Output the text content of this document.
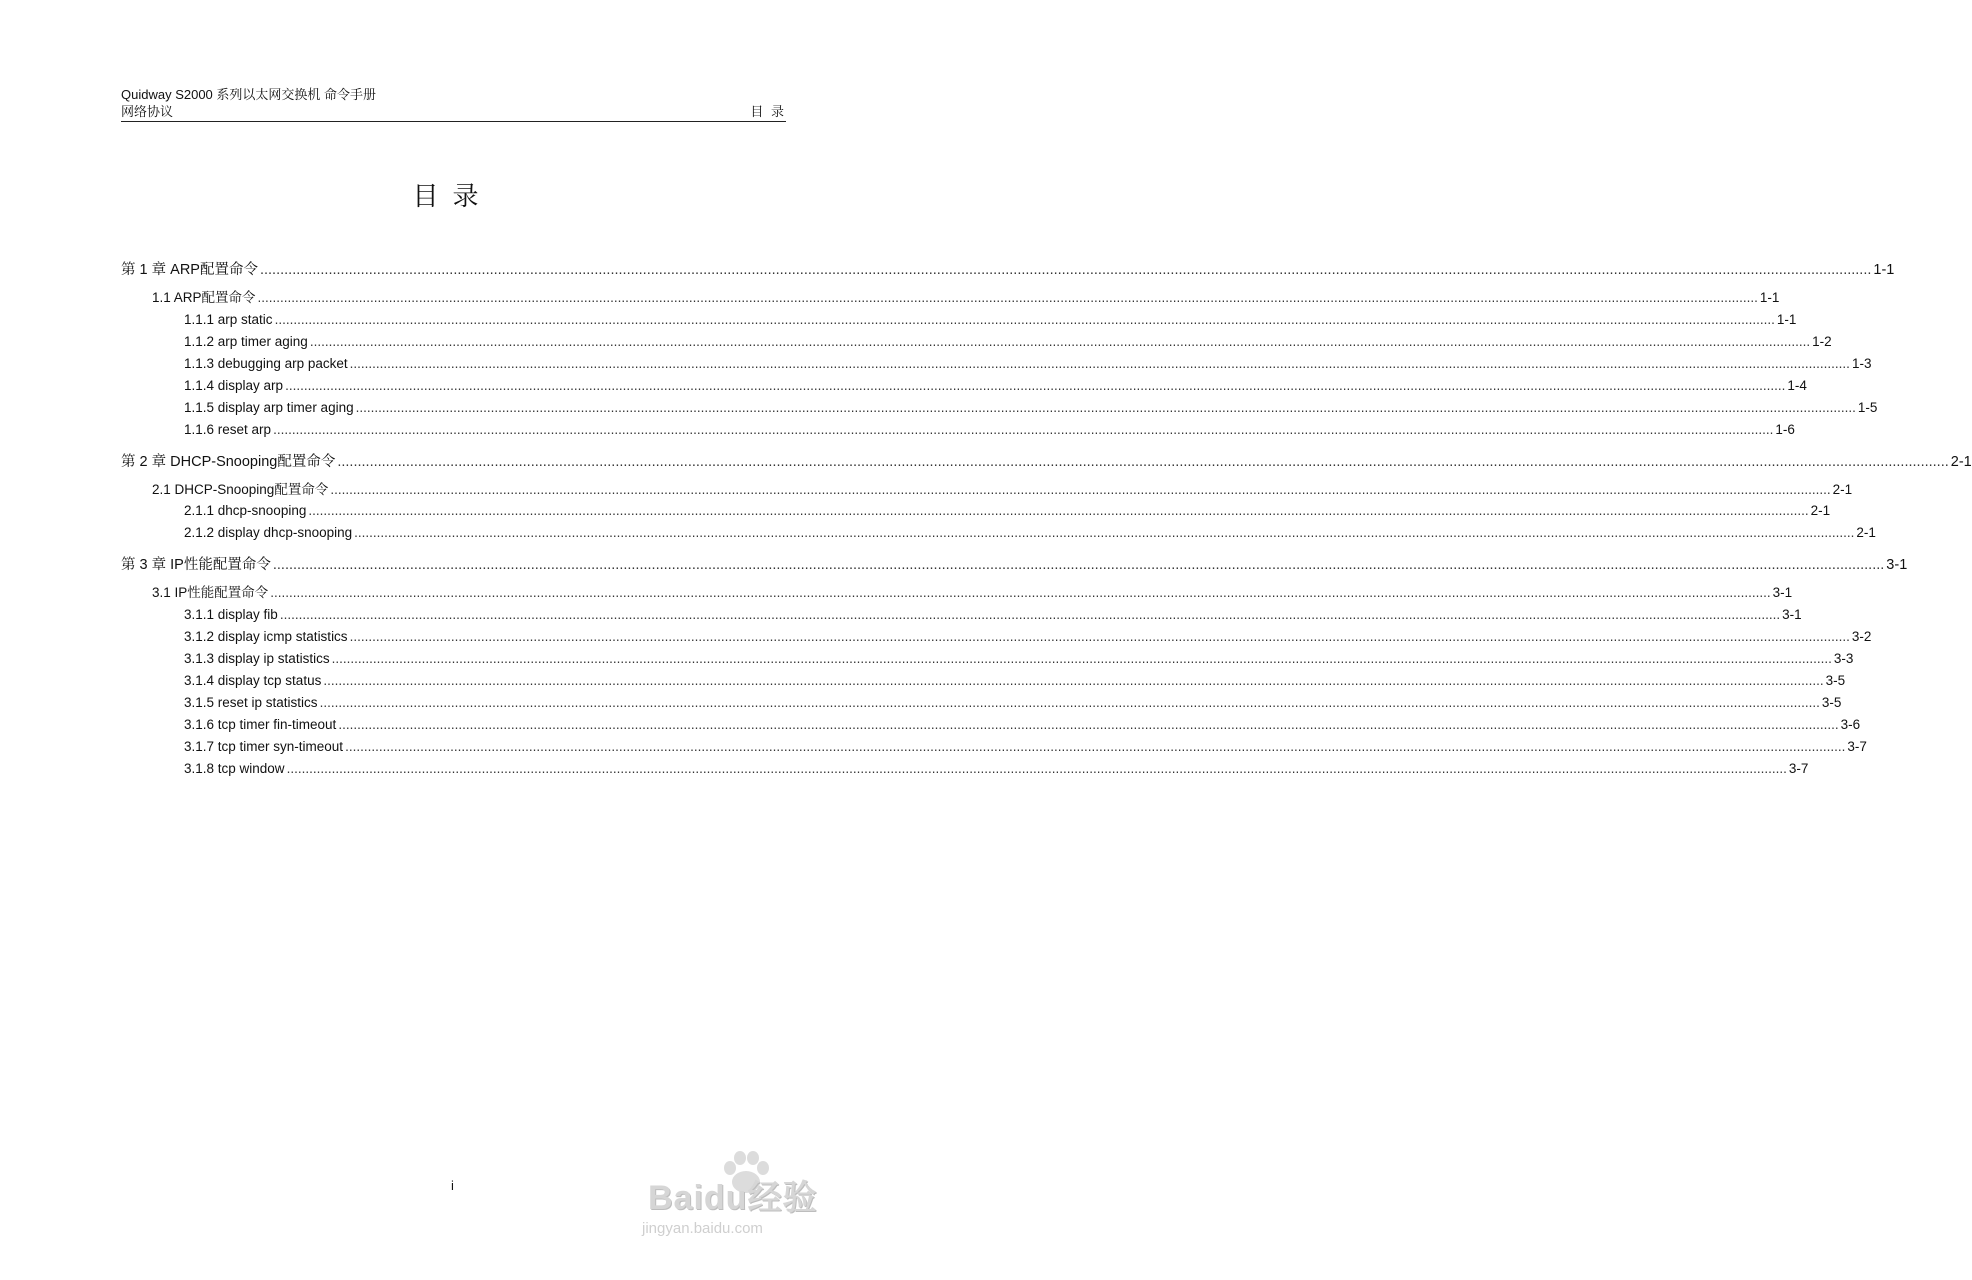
Quidway S2000 系列以太网交换机 命令手册
网络协议	目 录
目录
第 1 章 ARP配置命令 ................................................................................................................................................................................................................................................................................................................................................................................................................ 1-1
1.1 ARP配置命令 ................................................................................................................................................................................................................................................................................................................................................................................................................ 1-1
1.1.1 arp static ................................................................................................................................................................................................................................................................................................................................................................................................................ 1-1
1.1.2 arp timer aging ................................................................................................................................................................................................................................................................................................................................................................................................................ 1-2
1.1.3 debugging arp packet ................................................................................................................................................................................................................................................................................................................................................................................................................ 1-3
1.1.4 display arp ................................................................................................................................................................................................................................................................................................................................................................................................................ 1-4
1.1.5 display arp timer aging ................................................................................................................................................................................................................................................................................................................................................................................................................ 1-5
1.1.6 reset arp ................................................................................................................................................................................................................................................................................................................................................................................................................ 1-6
第 2 章 DHCP-Snooping配置命令 ................................................................................................................................................................................................................................................................................................................................................................................................................ 2-1
2.1 DHCP-Snooping配置命令 ................................................................................................................................................................................................................................................................................................................................................................................................................ 2-1
2.1.1 dhcp-snooping ................................................................................................................................................................................................................................................................................................................................................................................................................ 2-1
2.1.2 display dhcp-snooping ................................................................................................................................................................................................................................................................................................................................................................................................................ 2-1
第 3 章 IP性能配置命令 ................................................................................................................................................................................................................................................................................................................................................................................................................ 3-1
3.1 IP性能配置命令 ................................................................................................................................................................................................................................................................................................................................................................................................................ 3-1
3.1.1 display fib ................................................................................................................................................................................................................................................................................................................................................................................................................ 3-1
3.1.2 display icmp statistics ................................................................................................................................................................................................................................................................................................................................................................................................................ 3-2
3.1.3 display ip statistics ................................................................................................................................................................................................................................................................................................................................................................................................................ 3-3
3.1.4 display tcp status ................................................................................................................................................................................................................................................................................................................................................................................................................ 3-5
3.1.5 reset ip statistics ................................................................................................................................................................................................................................................................................................................................................................................................................ 3-5
3.1.6 tcp timer fin-timeout ................................................................................................................................................................................................................................................................................................................................................................................................................ 3-6
3.1.7 tcp timer syn-timeout ................................................................................................................................................................................................................................................................................................................................................................................................................ 3-7
3.1.8 tcp window ................................................................................................................................................................................................................................................................................................................................................................................................................ 3-7
i	Baidu经验
jingyan.baidu.com
